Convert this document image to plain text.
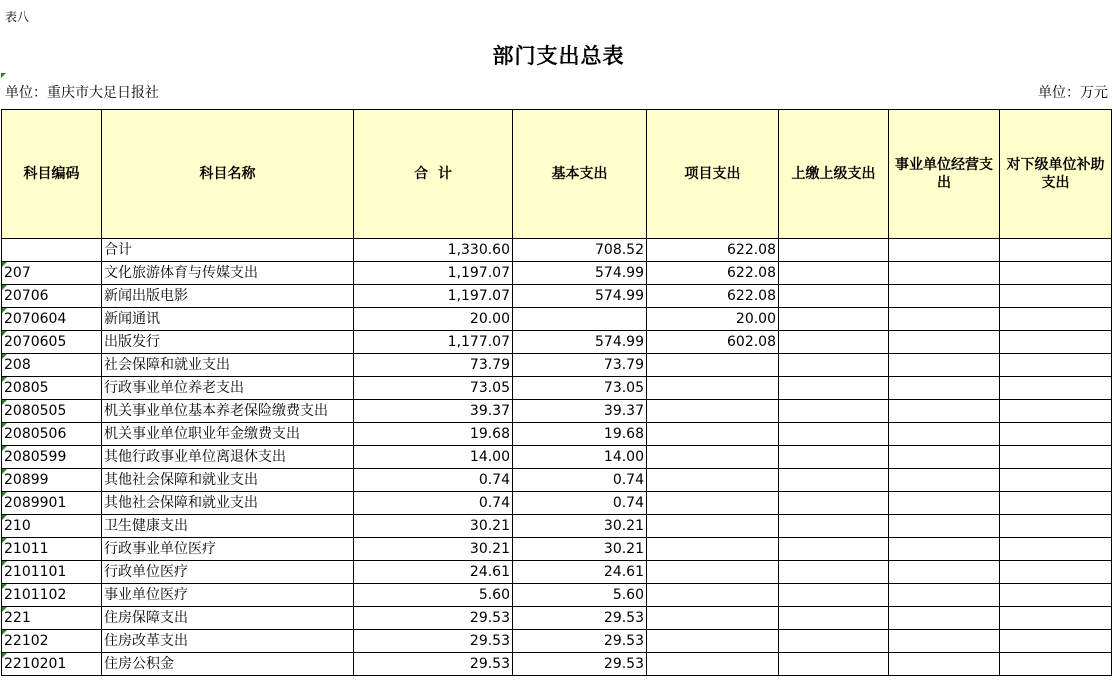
表八
部门支出总表
单位：重庆市大足日报社	单位：万元
科目编码	科目名称	合  计	基本支出	项目支出	上缴上级支出	事业单位经营支出	对下级单位补助支出
	合计	1,330.60	708.52	622.08			

207	文化旅游体育与传媒支出	1,197.07	574.99	622.08			

20706	新闻出版电影	1,197.07	574.99	622.08			

2070604	新闻通讯	20.00		20.00			

2070605	出版发行	1,177.07	574.99	602.08			

208	社会保障和就业支出	73.79	73.79				

20805	行政事业单位养老支出	73.05	73.05				

2080505	机关事业单位基本养老保险缴费支出	39.37	39.37				

2080506	机关事业单位职业年金缴费支出	19.68	19.68				

2080599	其他行政事业单位离退休支出	14.00	14.00				

20899	其他社会保障和就业支出	0.74	0.74				

2089901	其他社会保障和就业支出	0.74	0.74				

210	卫生健康支出	30.21	30.21				

21011	行政事业单位医疗	30.21	30.21				

2101101	行政单位医疗	24.61	24.61				

2101102	事业单位医疗	5.60	5.60				

221	住房保障支出	29.53	29.53				

22102	住房改革支出	29.53	29.53				

2210201	住房公积金	29.53	29.53				
